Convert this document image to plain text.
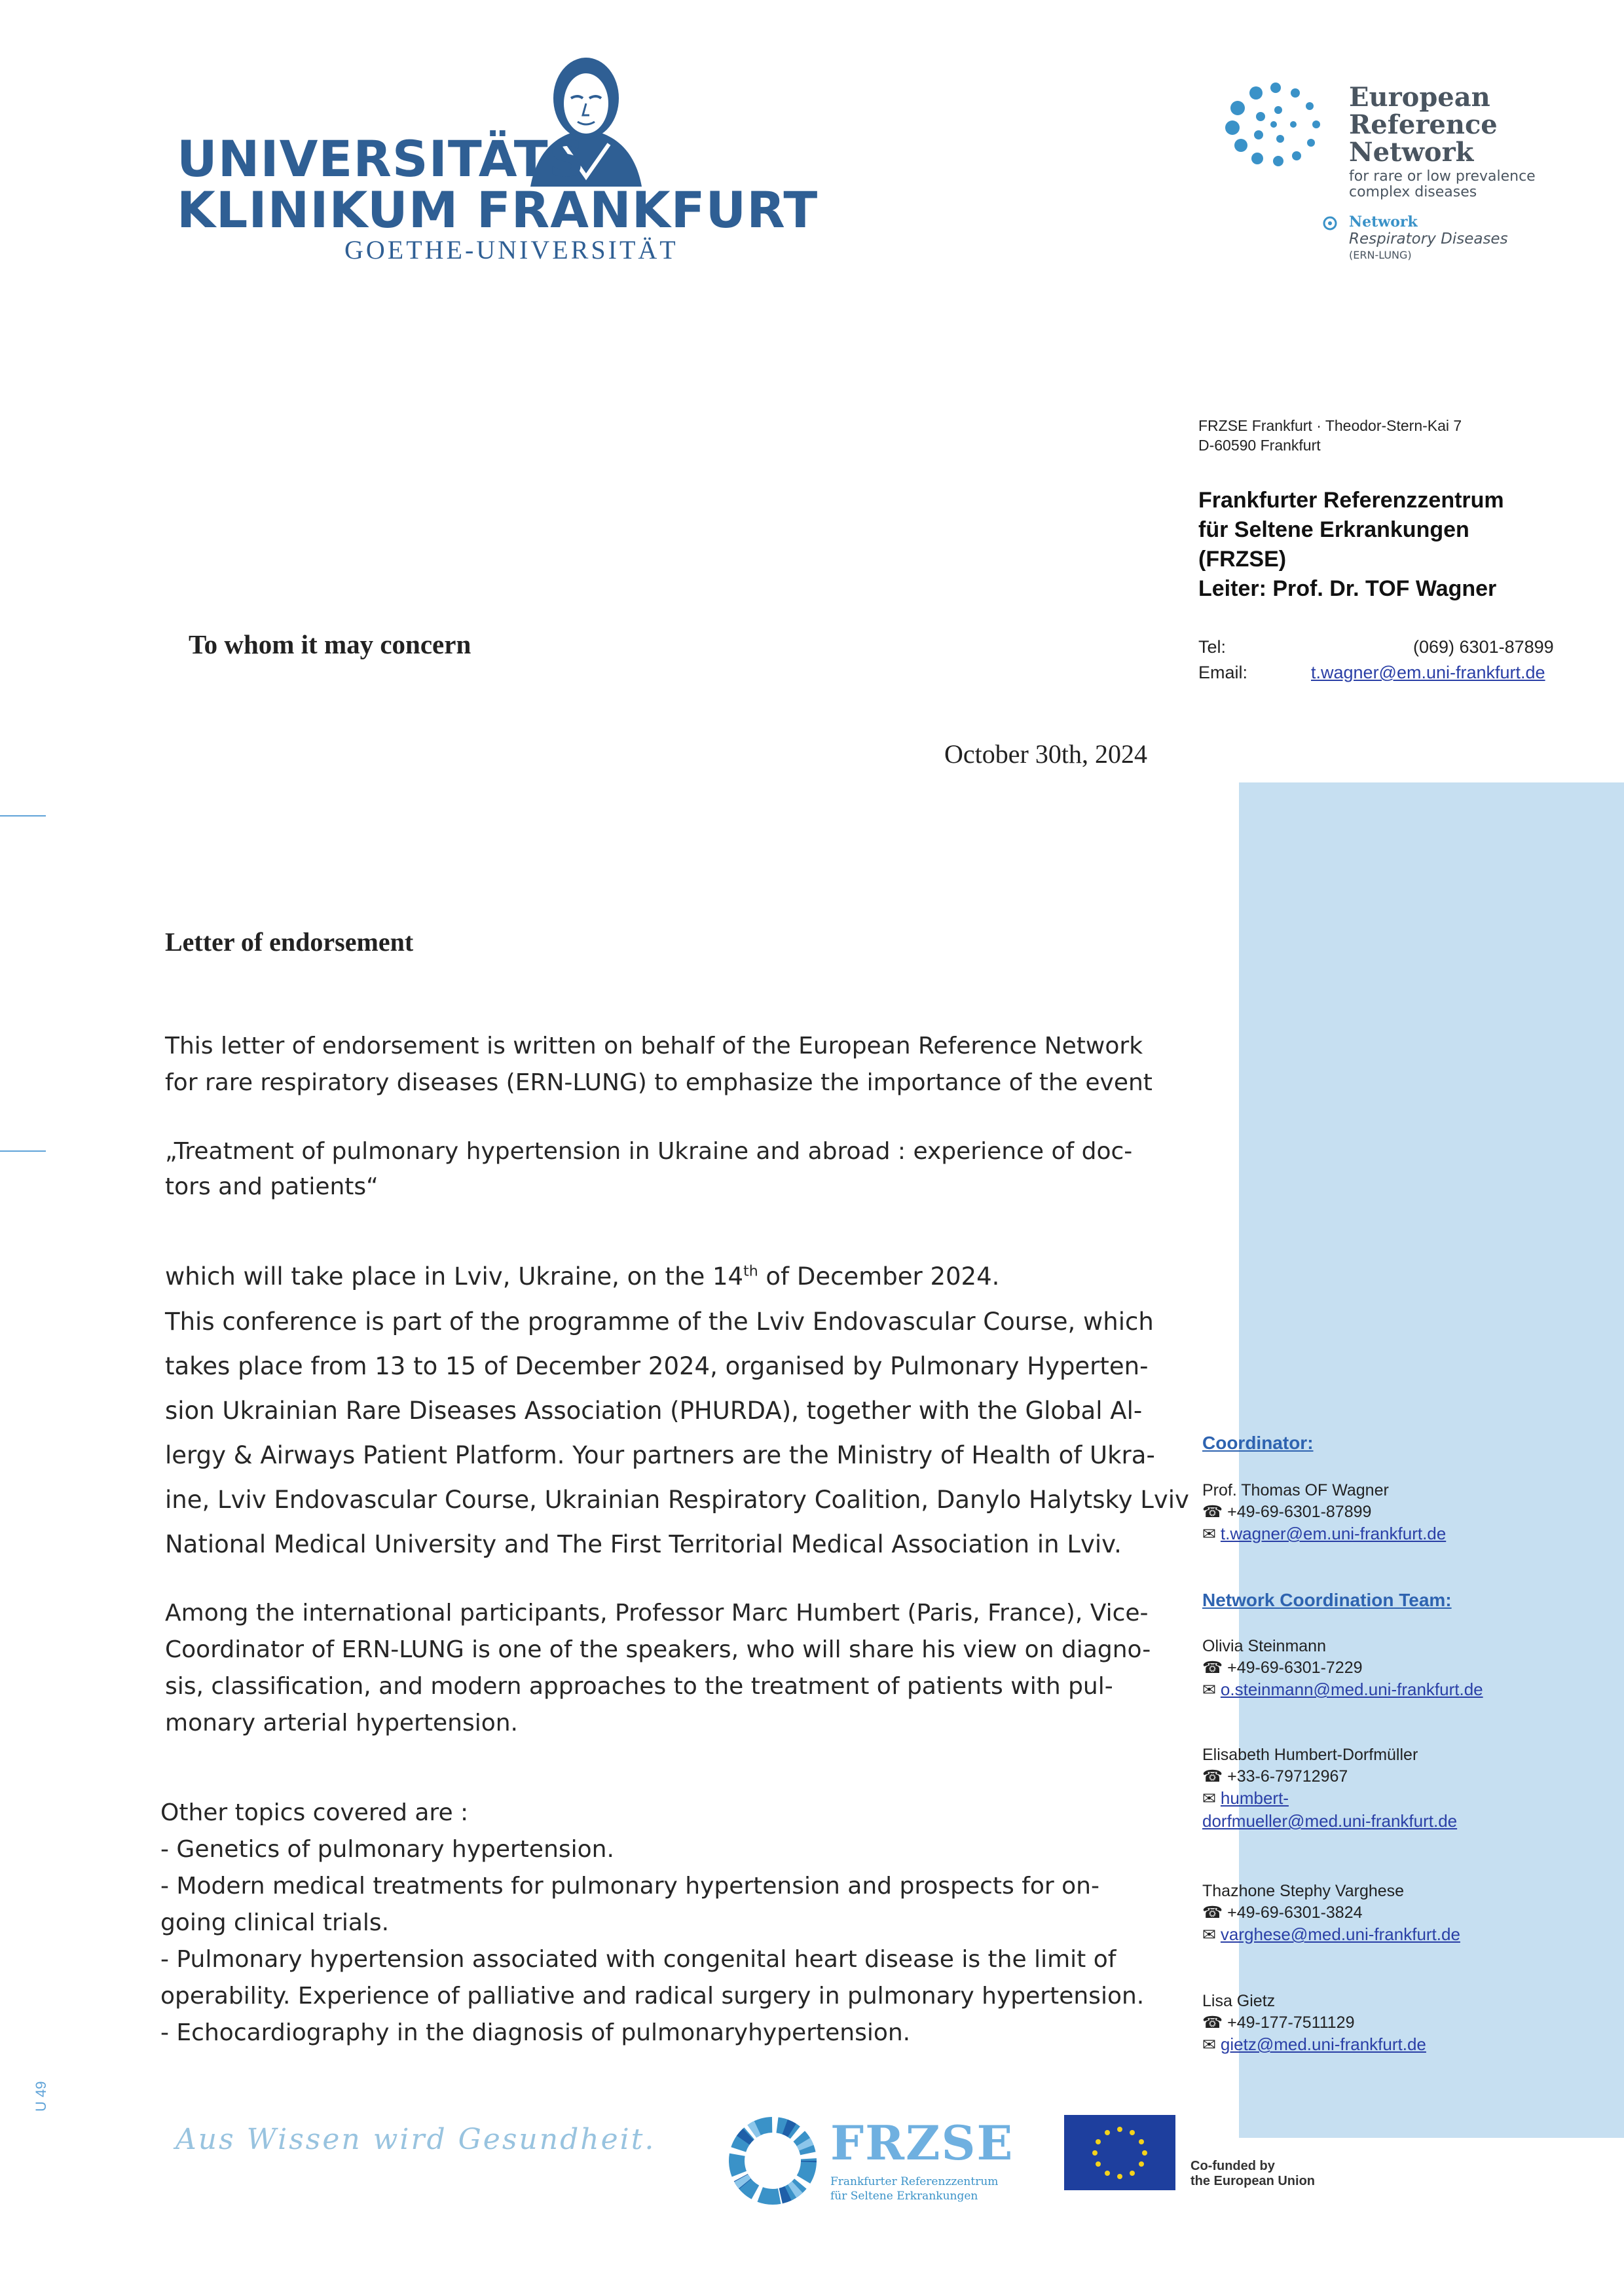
UNIVERSITÄTS
KLINIKUM FRANKFURT
GOETHE-UNIVERSITÄT
European
Reference
Network
for rare or low prevalence
complex diseases
Network
Respiratory Diseases
(ERN-LUNG)
FRZSE Frankfurt · Theodor-Stern-Kai 7
D-60590 Frankfurt
Frankfurter Referenzzentrum
für Seltene Erkrankungen
(FRZSE)
Leiter: Prof. Dr. TOF Wagner
Tel:	(069) 6301-87899
Email:	t.wagner@em.uni-frankfurt.de
To whom it may concern
October 30th, 2024
Coordinator:
Prof. Thomas OF Wagner
☎ +49-69-6301-87899
✉ t.wagner@em.uni-frankfurt.de
Network Coordination Team:
Olivia Steinmann
☎ +49-69-6301-7229
✉ o.steinmann@med.uni-frankfurt.de
Elisabeth Humbert-Dorfmüller
☎ +33-6-79712967
✉ humbert-
dorfmueller@med.uni-frankfurt.de
Thazhone Stephy Varghese
☎ +49-69-6301-3824
✉ varghese@med.uni-frankfurt.de
Lisa Gietz
☎ +49-177-7511129
✉ gietz@med.uni-frankfurt.de
Letter of endorsement
This letter of endorsement is written on behalf of the European Reference Network
for rare respiratory diseases (ERN-LUNG) to emphasize the importance of the event
„Treatment of pulmonary hypertension in Ukraine and abroad : experience of doc-
tors and patients“
which will take place in Lviv, Ukraine, on the 14th of December 2024.
This conference is part of the programme of the Lviv Endovascular Course, which
takes place from 13 to 15 of December 2024, organised by Pulmonary Hyperten-
sion Ukrainian Rare Diseases Association (PHURDA), together with the Global Al-
lergy & Airways Patient Platform. Your partners are the Ministry of Health of Ukra-
ine, Lviv Endovascular Course, Ukrainian Respiratory Coalition, Danylo Halytsky Lviv
National Medical University and The First Territorial Medical Association in Lviv.
Among the international participants, Professor Marc Humbert (Paris, France), Vice-
Coordinator of ERN-LUNG is one of the speakers, who will share his view on diagno-
sis, classification, and modern approaches to the treatment of patients with pul-
monary arterial hypertension.
Other topics covered are :
- Genetics of pulmonary hypertension.
- Modern medical treatments for pulmonary hypertension and prospects for on-
going clinical trials.
- Pulmonary hypertension associated with congenital heart disease is the limit of
operability. Experience of palliative and radical surgery in pulmonary hypertension.
- Echocardiography in the diagnosis of pulmonaryhypertension.
U 49
Aus Wissen wird Gesundheit.	FRZSE
Frankfurter Referenzzentrum
für Seltene Erkrankungen
Co-funded by
the European Union
